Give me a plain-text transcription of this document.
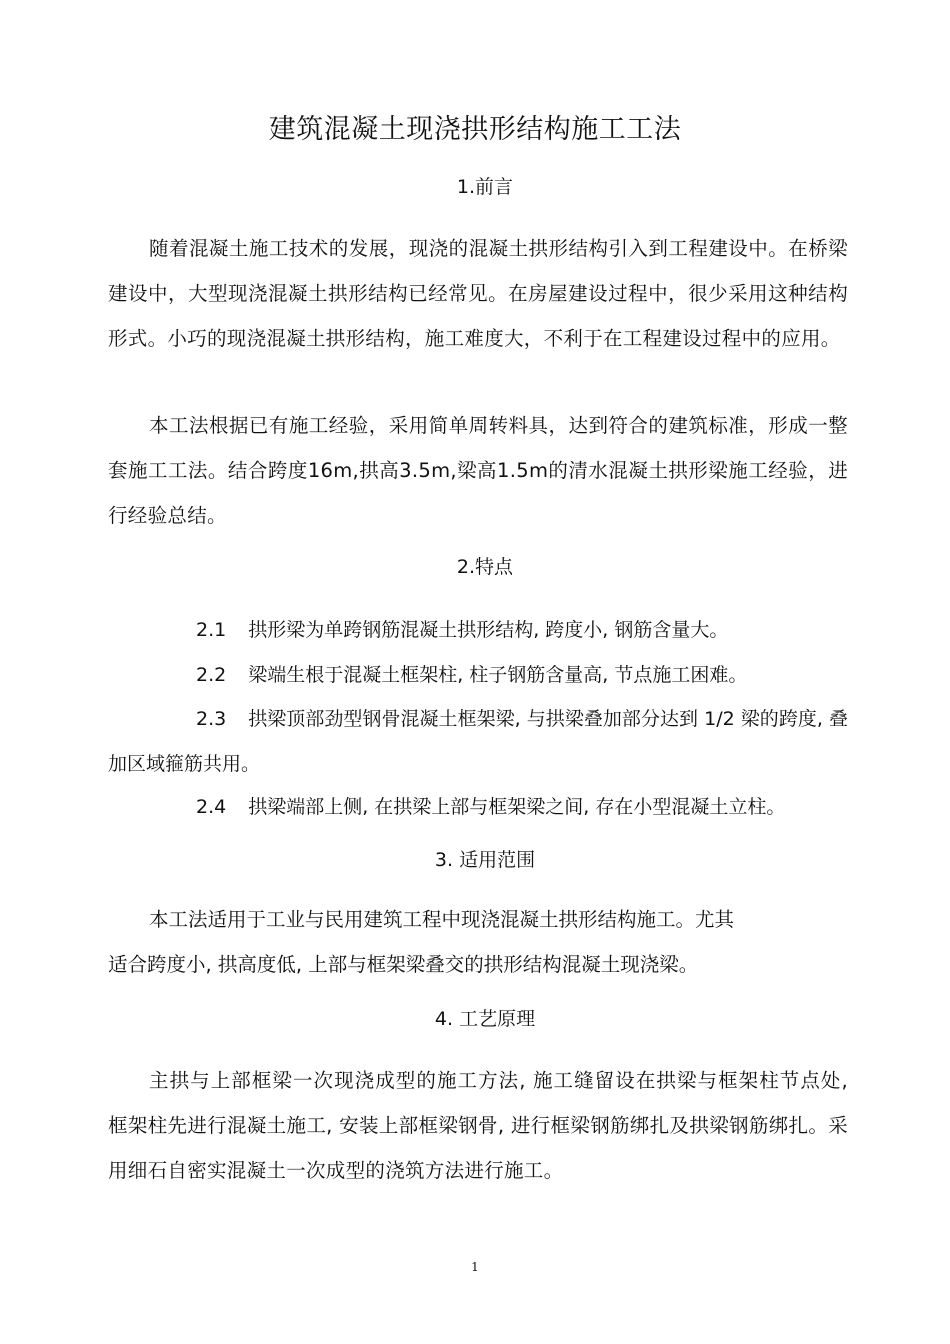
建筑混凝土现浇拱形结构施工工法
1.前言
随着混凝土施工技术的发展，现浇的混凝土拱形结构引入到工程建设中。在桥梁建设中，大型现浇混凝土拱形结构已经常见。在房屋建设过程中，很少采用这种结构形式。小巧的现浇混凝土拱形结构，施工难度大，不利于在工程建设过程中的应用。
本工法根据已有施工经验，采用简单周转料具，达到符合的建筑标准，形成一整套施工工法。结合跨度16m,拱高3.5m,梁高1.5m的清水混凝土拱形梁施工经验，进行经验总结。
2.特点
2.1 拱形梁为单跨钢筋混凝土拱形结构, 跨度小, 钢筋含量大。
2.2 梁端生根于混凝土框架柱, 柱子钢筋含量高, 节点施工困难。
2.3 拱梁顶部劲型钢骨混凝土框架梁, 与拱梁叠加部分达到 1/2 梁的跨度, 叠加区域箍筋共用。
2.4 拱梁端部上侧, 在拱梁上部与框架梁之间, 存在小型混凝土立柱。
3. 适用范围
本工法适用于工业与民用建筑工程中现浇混凝土拱形结构施工。尤其
适合跨度小, 拱高度低, 上部与框架梁叠交的拱形结构混凝土现浇梁。
4. 工艺原理
主拱与上部框梁一次现浇成型的施工方法, 施工缝留设在拱梁与框架柱节点处, 框架柱先进行混凝土施工, 安装上部框梁钢骨, 进行框梁钢筋绑扎及拱梁钢筋绑扎。采用细石自密实混凝土一次成型的浇筑方法进行施工。
1
